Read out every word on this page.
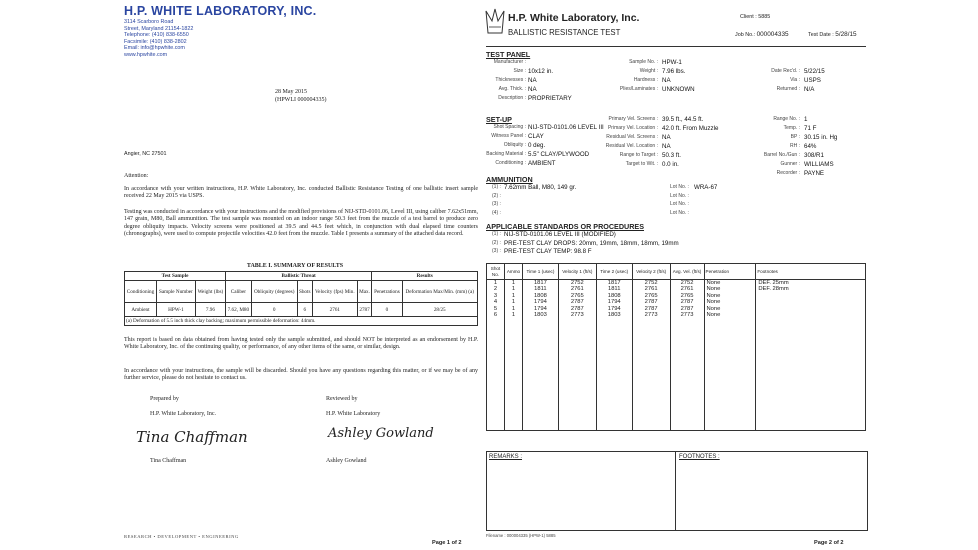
H.P. WHITE LABORATORY, INC.
3114 Scarboro Road
Street, Maryland 21154-1822
Telephone: (410) 838-6550
Facsimile: (410) 838-2802
Email: info@hpwhite.com
www.hpwhite.com
28 May 2015
(HPWLI 000004335)
Angier, NC 27501
Attention:
In accordance with your written instructions, H.P. White Laboratory, Inc. conducted Ballistic Resistance Testing of one ballistic insert sample received 22 May 2015 via USPS.
Testing was conducted in accordance with your instructions and the modified provisions of NIJ-STD-0101.06, Level III, using caliber 7.62x51mm, 147 grain, M80, Ball ammunition. The test sample was mounted on an indoor range 50.3 feet from the muzzle of a test barrel to produce zero degree obliquity impacts. Velocity screens were positioned at 39.5 and 44.5 feet which, in conjunction with dual elapsed time counters (chronographs), were used to compute projectile velocities 42.0 feet from the muzzle. Table I presents a summary of the attached data record.
TABLE I. SUMMARY OF RESULTS
Test Sample			Ballistic Threat					Results	
Conditioning	Sample Number	Weight (lbs)	Caliber	Obliquity (degrees)	Shots	Velocity (fps) Min.	Max.	Penetrations	Deformation Max/Min. (mm) (a)
Ambient	HPW-1	7.96	7.62, M80	0	6	2761	2787	0	28/25
(a) Deformation of 5.5 inch thick clay backing; maximum permissible deformation: 44mm.									
This report is based on data obtained from having tested only the sample submitted, and should NOT be interpreted as an endorsement by H.P. White Laboratory, Inc. of the continuing quality, or performance, of any other items of the same, or similar, design.
In accordance with your instructions, the sample will be discarded. Should you have any questions regarding this matter, or if we may be of any further service, please do not hesitate to contact us.
Prepared by	Reviewed by
H.P. White Laboratory, Inc.	H.P. White Laboratory
Tina Chaffman	Ashley Gowland
Tina Chaffman	Ashley Gowland
RESEARCH • DEVELOPMENT • ENGINEERING
Page 1 of 2
H.P. White Laboratory, Inc.
BALLISTIC RESISTANCE TEST
Client : 5885
Job No.: 000004335	Test Date : 5/28/15
TEST PANEL
Manufacturer :
Size : 10x12 in.
Thicknesses : NA
Avg. Thick. : NA
Description : PROPRIETARY
Sample No. : HPW-1
Weight : 7.96 lbs.
Hardness : NA
Plies/Laminates : UNKNOWN
Date Rec'd. : 5/22/15
Via : USPS
Returned : N/A
SET-UP
Shot Spacing : NIJ-STD-0101.06 LEVEL III
Witness Panel : CLAY
Obliquity : 0 deg.
Backing Material : 5.5" CLAY/PLYWOOD
Conditioning : AMBIENT
Primary Vel. Screens : 39.5 ft., 44.5 ft.
Primary Vel. Location : 42.0 ft. From Muzzle
Residual Vel. Screens : NA
Residual Vel. Location : NA
Range to Target : 50.3 ft.
Target to Wit. : 0.0 in.
Range No. : 1
Temp. : 71 F
BP : 30.15 in. Hg
RH : 64%
Barrel No./Gun : 308/R1
Gunner : WILLIAMS
Recorder : PAYNE
AMMUNITION
(1) : 7.62mm Ball, M80, 149 gr.	Lot No. : WRA-67
(2) :	Lot No. :
(3) :	Lot No. :
(4) :	Lot No. :
APPLICABLE STANDARDS OR PROCEDURES
(1) : NIJ-STD-0101.06 LEVEL III (MODIFIED)
(2) : PRE-TEST CLAY DROPS: 20mm, 19mm, 18mm, 18mm, 19mm
(3) : PRE-TEST CLAY TEMP: 98.8 F
Shot No.	Ammo	Time 1 (usec)	Velocity 1 (ft/s)	Time 2 (usec)	Velocity 2 (ft/s)	Avg. Vel. (ft/s)	Penetration	Footnotes
1	1	1817	2752	1817	2752	2752	None	DEF. 25mm
2	1	1811	2761	1811	2761	2761	None	DEF. 28mm
3	1	1808	2765	1808	2765	2765	None	
4	1	1794	2787	1794	2787	2787	None	
5	1	1794	2787	1794	2787	2787	None	
6	1	1803	2773	1803	2773	2773	None	

REMARKS :	FOOTNOTES :
Filename : 000004335 (HPW-1) 5885
Page 2 of 2
